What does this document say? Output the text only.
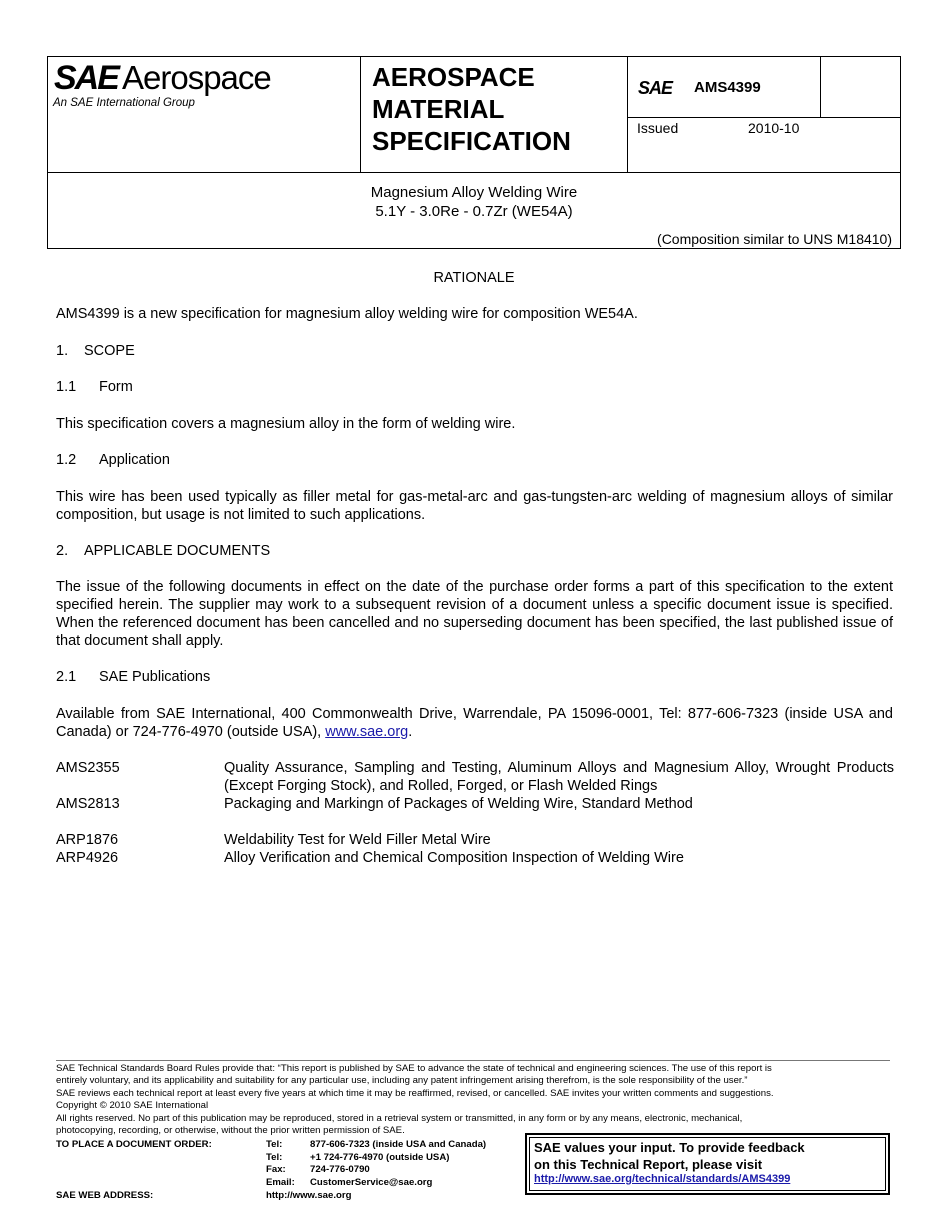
SAE Aerospace
An SAE International Group
AEROSPACE
MATERIAL
SPECIFICATION
SAE AMS4399
Issued	2010-10
Magnesium Alloy Welding Wire
5.1Y - 3.0Re - 0.7Zr (WE54A)
(Composition similar to UNS M18410)
RATIONALE
AMS4399 is a new specification for magnesium alloy welding wire for composition WE54A.
1. SCOPE
1.1 Form
This specification covers a magnesium alloy in the form of welding wire.
1.2 Application
This wire has been used typically as filler metal for gas-metal-arc and gas-tungsten-arc welding of magnesium alloys of similar composition, but usage is not limited to such applications.
2. APPLICABLE DOCUMENTS
The issue of the following documents in effect on the date of the purchase order forms a part of this specification to the extent specified herein. The supplier may work to a subsequent revision of a document unless a specific document issue is specified. When the referenced document has been cancelled and no superseding document has been specified, the last published issue of that document shall apply.
2.1 SAE Publications
Available from SAE International, 400 Commonwealth Drive, Warrendale, PA 15096-0001, Tel: 877-606-7323 (inside USA and Canada) or 724-776-4970 (outside USA), www.sae.org.
AMS2355	Quality Assurance, Sampling and Testing, Aluminum Alloys and Magnesium Alloy, Wrought Products (Except Forging Stock), and Rolled, Forged, or Flash Welded Rings
AMS2813	Packaging and Markingn of Packages of Welding Wire, Standard Method
ARP1876	Weldability Test for Weld Filler Metal Wire
ARP4926	Alloy Verification and Chemical Composition Inspection of Welding Wire
SAE Technical Standards Board Rules provide that: “This report is published by SAE to advance the state of technical and engineering sciences. The use of this report is
entirely voluntary, and its applicability and suitability for any particular use, including any patent infringement arising therefrom, is the sole responsibility of the user.”
SAE reviews each technical report at least every five years at which time it may be reaffirmed, revised, or cancelled. SAE invites your written comments and suggestions.
Copyright © 2010 SAE International
All rights reserved. No part of this publication may be reproduced, stored in a retrieval system or transmitted, in any form or by any means, electronic, mechanical,
photocopying, recording, or otherwise, without the prior written permission of SAE.
TO PLACE A DOCUMENT ORDER:	Tel:	877-606-7323 (inside USA and Canada)
Tel:	+1 724-776-4970 (outside USA)
Fax:	724-776-0790
Email: CustomerService@sae.org
SAE WEB ADDRESS:	http://www.sae.org
SAE values your input. To provide feedback
on this Technical Report, please visit
http://www.sae.org/technical/standards/AMS4399
